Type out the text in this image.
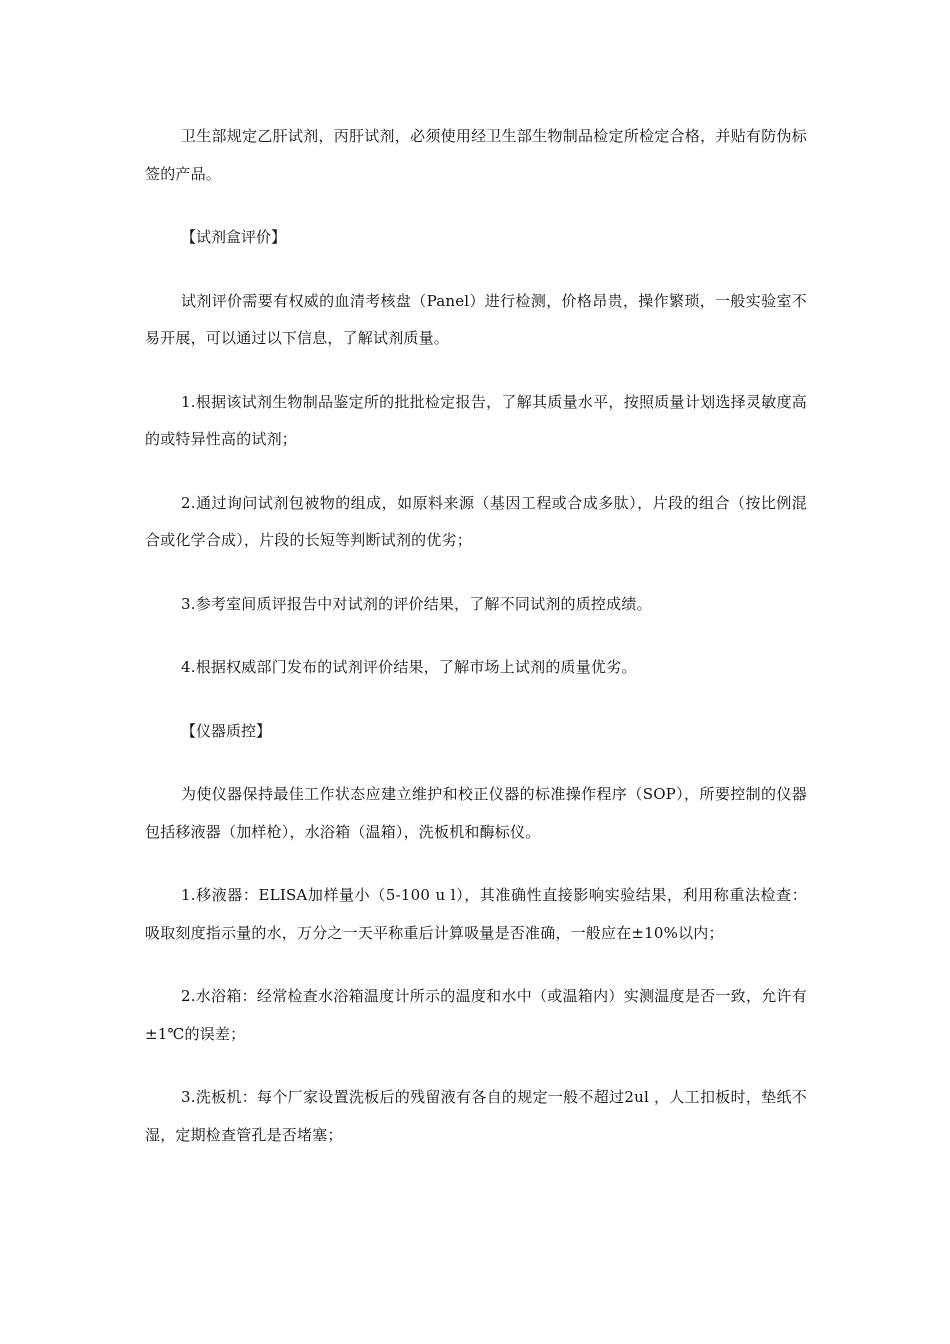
卫生部规定乙肝试剂，丙肝试剂，必须使用经卫生部生物制品检定所检定合格，并贴有防伪标签的产品。

【试剂盒评价】

试剂评价需要有权威的血清考核盘（Panel）进行检测，价格昂贵，操作繁琐，一般实验室不易开展，可以通过以下信息，了解试剂质量。

1.根据该试剂生物制品鉴定所的批批检定报告，了解其质量水平，按照质量计划选择灵敏度高的或特异性高的试剂；

2.通过询问试剂包被物的组成，如原料来源（基因工程或合成多肽），片段的组合（按比例混合或化学合成），片段的长短等判断试剂的优劣；

3.参考室间质评报告中对试剂的评价结果，了解不同试剂的质控成绩。

4.根据权威部门发布的试剂评价结果，了解市场上试剂的质量优劣。

【仪器质控】

为使仪器保持最佳工作状态应建立维护和校正仪器的标准操作程序（SOP），所要控制的仪器包括移液器（加样枪），水浴箱（温箱），洗板机和酶标仪。

1.移液器：ELISA加样量小（5-100 u l），其准确性直接影响实验结果，利用称重法检查：吸取刻度指示量的水，万分之一天平称重后计算吸量是否准确，一般应在±10%以内；

2.水浴箱：经常检查水浴箱温度计所示的温度和水中（或温箱内）实测温度是否一致，允许有±1℃的误差；

3.洗板机：每个厂家设置洗板后的残留液有各自的规定一般不超过2ul ，人工扣板时，垫纸不湿，定期检查管孔是否堵塞；
